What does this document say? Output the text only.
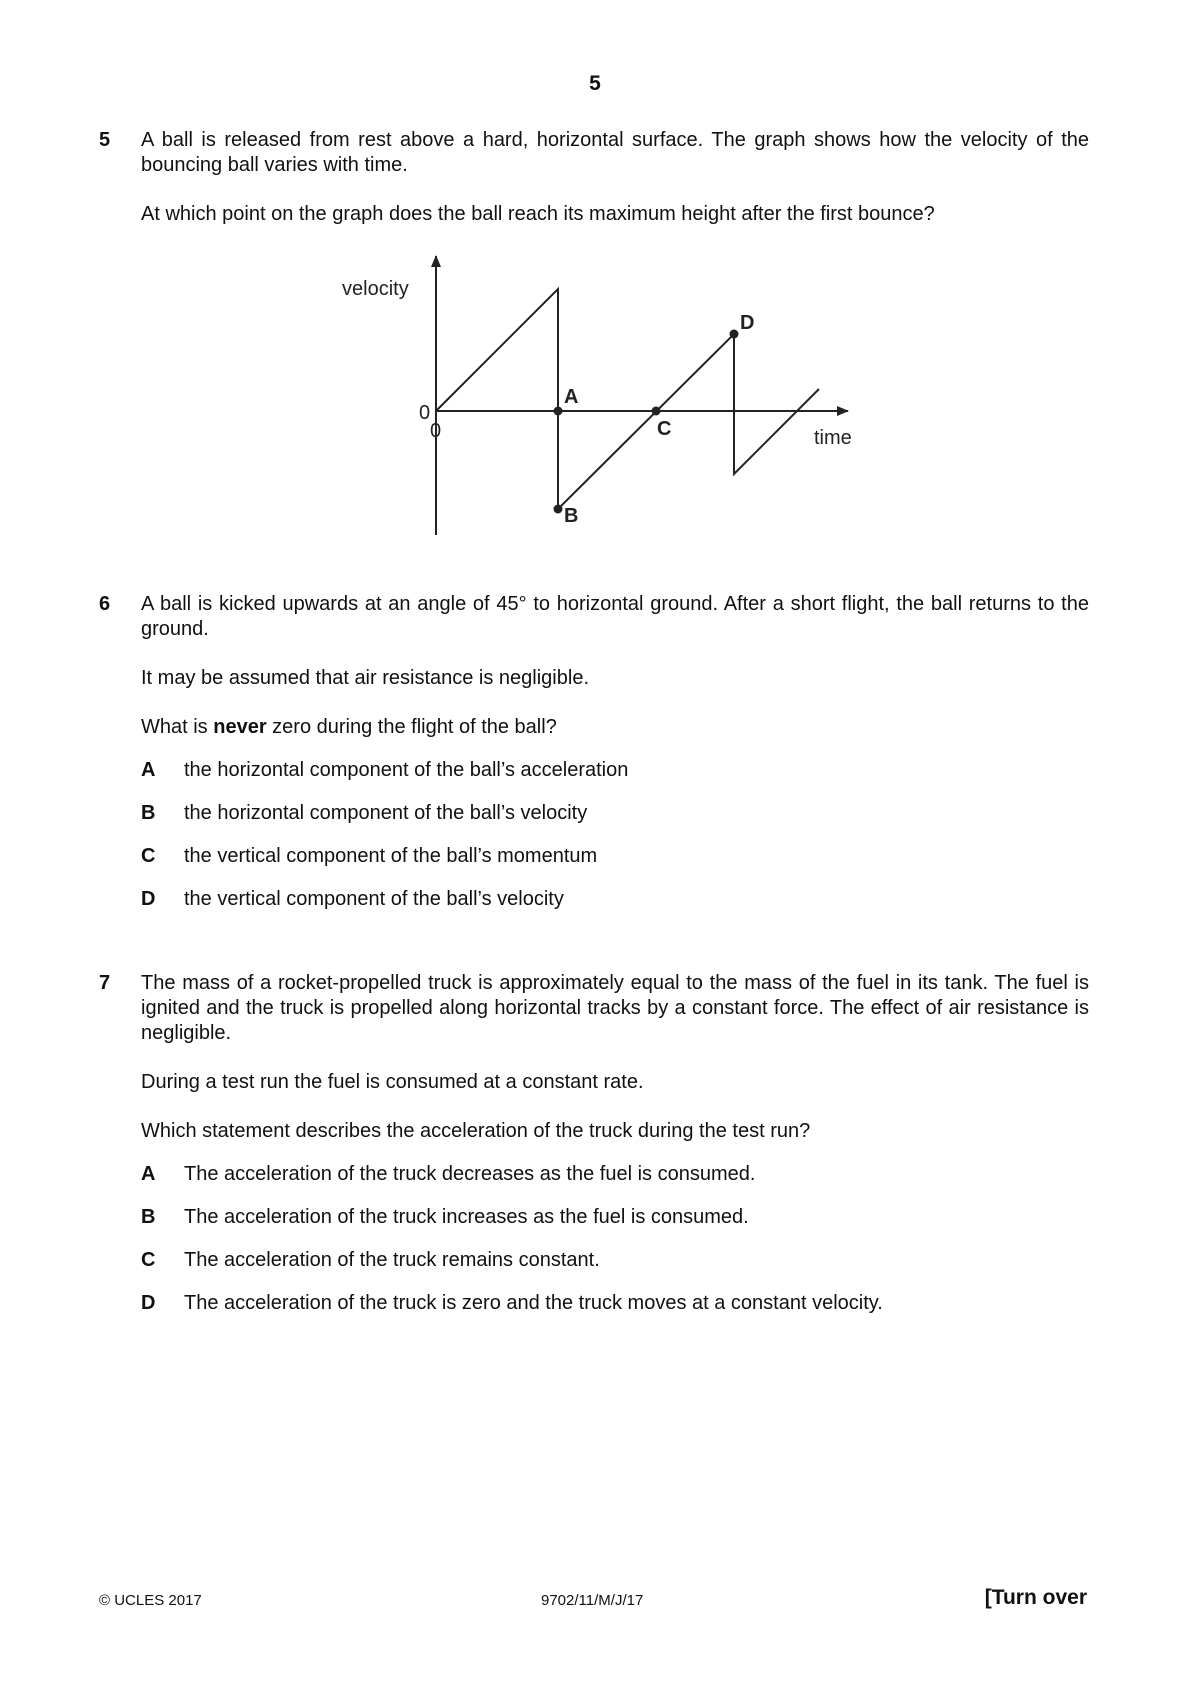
5
5 A ball is released from rest above a hard, horizontal surface. The graph shows how the velocity of the bouncing ball varies with time.

At which point on the graph does the ball reach its maximum height after the first bounce?

velocity
time
0
0
A
B
C
D
6 A ball is kicked upwards at an angle of 45° to horizontal ground. After a short flight, the ball returns to the ground.

It may be assumed that air resistance is negligible.

What is never zero during the flight of the ball?

A the horizontal component of the ball’s acceleration
B the horizontal component of the ball’s velocity
C the vertical component of the ball’s momentum
D the vertical component of the ball’s velocity
7 The mass of a rocket-propelled truck is approximately equal to the mass of the fuel in its tank. The fuel is ignited and the truck is propelled along horizontal tracks by a constant force. The effect of air resistance is negligible.

During a test run the fuel is consumed at a constant rate.

Which statement describes the acceleration of the truck during the test run?

A The acceleration of the truck decreases as the fuel is consumed.
B The acceleration of the truck increases as the fuel is consumed.
C The acceleration of the truck remains constant.
D The acceleration of the truck is zero and the truck moves at a constant velocity.
© UCLES 2017	9702/11/M/J/17	[Turn over
